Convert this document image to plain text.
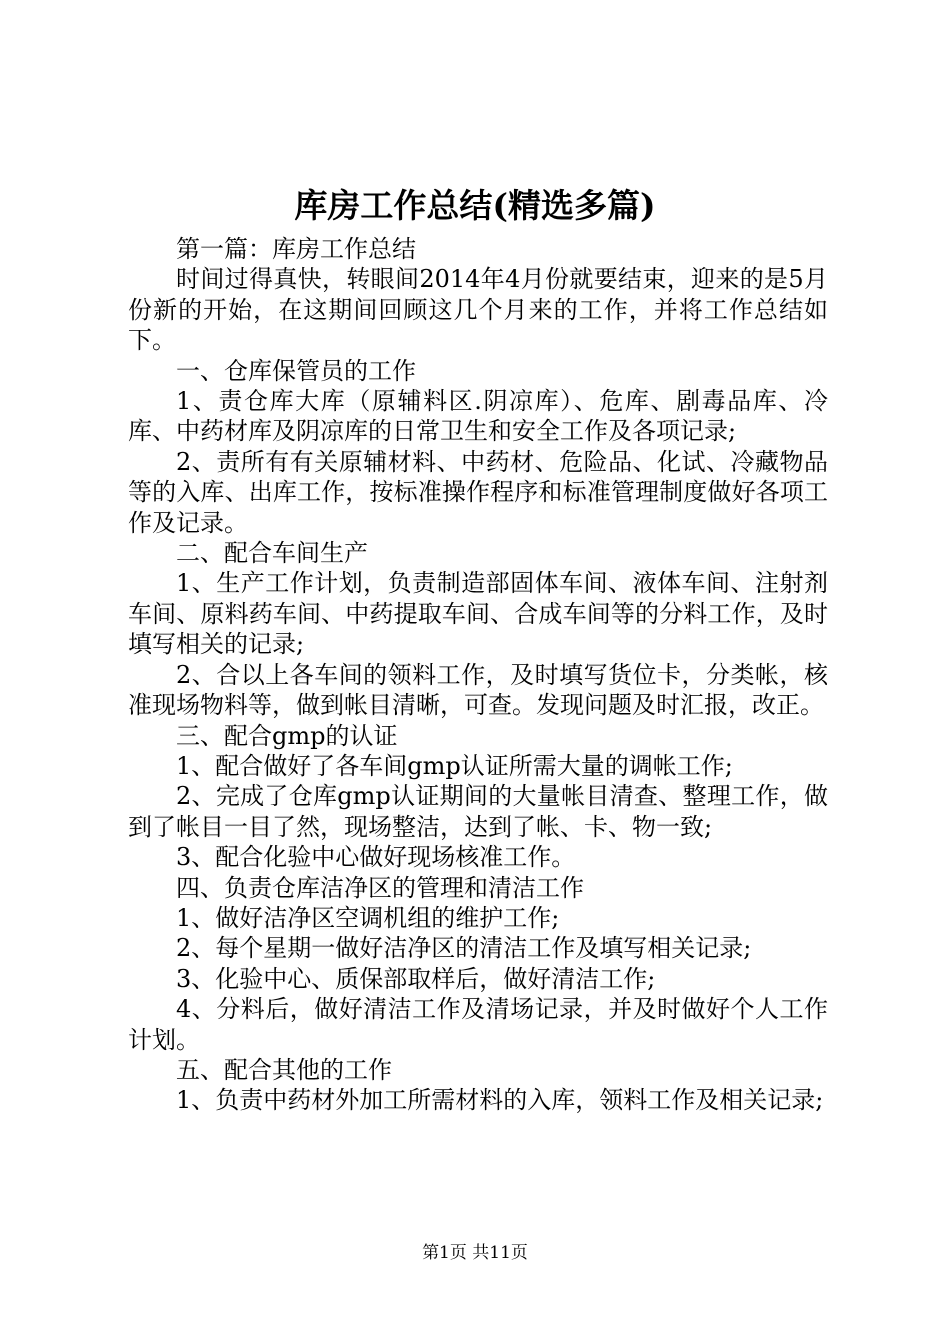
库房工作总结(精选多篇)

第一篇：库房工作总结

时间过得真快，转眼间2014年4月份就要结束，迎来的是5月份新的开始，在这期间回顾这几个月来的工作，并将工作总结如下。

一、仓库保管员的工作

1、责仓库大库（原辅料区.阴凉库）、危库、剧毒品库、冷库、中药材库及阴凉库的日常卫生和安全工作及各项记录;

2、责所有有关原辅材料、中药材、危险品、化试、冷藏物品等的入库、出库工作，按标准操作程序和标准管理制度做好各项工作及记录。

二、配合车间生产

1、生产工作计划，负责制造部固体车间、液体车间、注射剂车间、原料药车间、中药提取车间、合成车间等的分料工作，及时填写相关的记录;

2、合以上各车间的领料工作，及时填写货位卡，分类帐，核准现场物料等，做到帐目清晰，可查。发现问题及时汇报，改正。

三、配合gmp的认证

1、配合做好了各车间gmp认证所需大量的调帐工作;

2、完成了仓库gmp认证期间的大量帐目清查、整理工作，做到了帐目一目了然，现场整洁，达到了帐、卡、物一致;

3、配合化验中心做好现场核准工作。

四、负责仓库洁净区的管理和清洁工作

1、做好洁净区空调机组的维护工作;

2、每个星期一做好洁净区的清洁工作及填写相关记录;

3、化验中心、质保部取样后，做好清洁工作;

4、分料后，做好清洁工作及清场记录，并及时做好个人工作计划。

五、配合其他的工作

1、负责中药材外加工所需材料的入库，领料工作及相关记录;

第1页 共11页
